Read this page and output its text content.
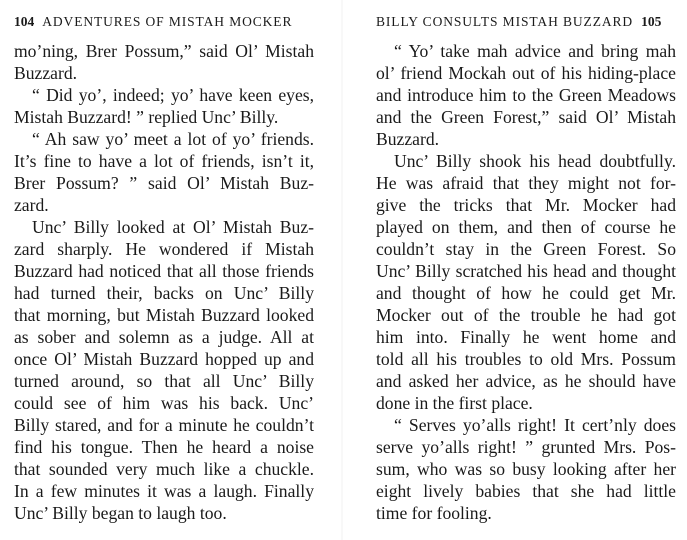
104 ADVENTURES OF MISTAH MOCKER
mo’ning, Brer Possum,” said Ol’ Mistah
Buzzard.
“ Did yo’, indeed; yo’ have keen eyes,
Mistah Buzzard! ” replied Unc’ Billy.
“ Ah saw yo’ meet a lot of yo’ friends.
It’s fine to have a lot of friends, isn’t it,
Brer Possum? ” said Ol’ Mistah Buz-
zard.
Unc’ Billy looked at Ol’ Mistah Buz-
zard sharply. He wondered if Mistah
Buzzard had noticed that all those friends
had turned their, backs on Unc’ Billy
that morning, but Mistah Buzzard looked
as sober and solemn as a judge. All at
once Ol’ Mistah Buzzard hopped up and
turned around, so that all Unc’ Billy
could see of him was his back. Unc’
Billy stared, and for a minute he couldn’t
find his tongue. Then he heard a noise
that sounded very much like a chuckle.
In a few minutes it was a laugh. Finally
Unc’ Billy began to laugh too.
BILLY CONSULTS MISTAH BUZZARD 105
“ Yo’ take mah advice and bring mah
ol’ friend Mockah out of his hiding-place
and introduce him to the Green Meadows
and the Green Forest,” said Ol’ Mistah
Buzzard.
Unc’ Billy shook his head doubtfully.
He was afraid that they might not for-
give the tricks that Mr. Mocker had
played on them, and then of course he
couldn’t stay in the Green Forest. So
Unc’ Billy scratched his head and thought
and thought of how he could get Mr.
Mocker out of the trouble he had got
him into. Finally he went home and
told all his troubles to old Mrs. Possum
and asked her advice, as he should have
done in the first place.
“ Serves yo’alls right! It cert’nly does
serve yo’alls right! ” grunted Mrs. Pos-
sum, who was so busy looking after her
eight lively babies that she had little
time for fooling.
